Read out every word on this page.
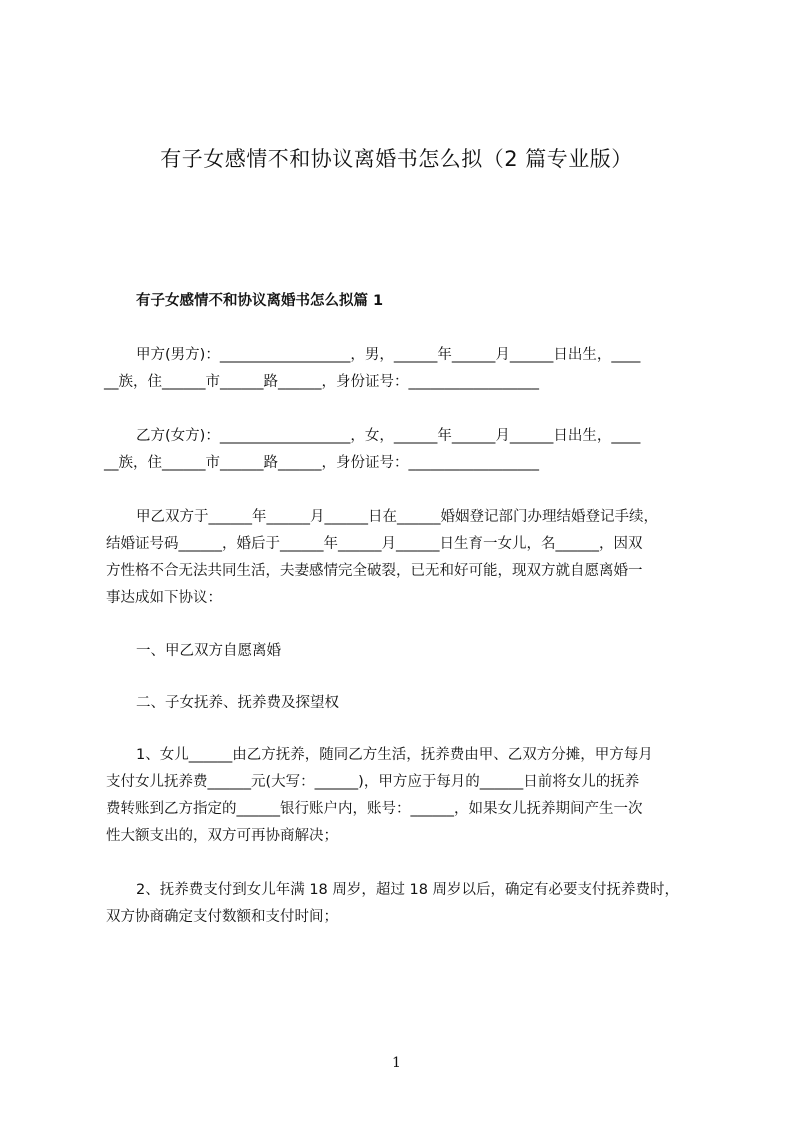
有子女感情不和协议离婚书怎么拟（2 篇专业版）
有子女感情不和协议离婚书怎么拟篇 1
甲方(男方)：__________________，男，______年______月______日出生，____
__族，住______市______路______，身份证号：__________________
乙方(女方)：__________________，女，______年______月______日出生，____
__族，住______市______路______，身份证号：__________________
甲乙双方于______年______月______日在______婚姻登记部门办理结婚登记手续，
结婚证号码______，婚后于______年______月______日生育一女儿，名______，因双
方性格不合无法共同生活，夫妻感情完全破裂，已无和好可能，现双方就自愿离婚一
事达成如下协议：
一、甲乙双方自愿离婚
二、子女抚养、抚养费及探望权
1、女儿______由乙方抚养，随同乙方生活，抚养费由甲、乙双方分摊，甲方每月
支付女儿抚养费______元(大写：______)，甲方应于每月的______日前将女儿的抚养
费转账到乙方指定的______银行账户内，账号：______，如果女儿抚养期间产生一次
性大额支出的，双方可再协商解决；
2、抚养费支付到女儿年满 18 周岁，超过 18 周岁以后，确定有必要支付抚养费时，
双方协商确定支付数额和支付时间；
1
